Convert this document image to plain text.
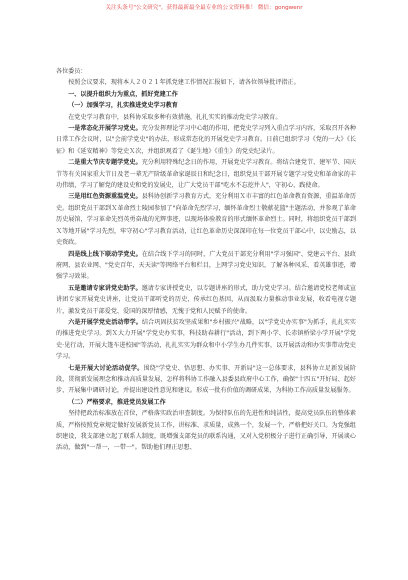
关注头条号"公文研究"，获得最新最全最专业的公文资料推！ 微信：gongwenr

各位委员：

按照会议要求，现将本人２０２１年抓党建工作情况汇报如下，请各位领导批评指正。

一、以提升组织力为重点，抓好党建工作

（一）加强学习，扎实推进党史学习教育

在党史学习教育中，县科协采取多种有效措施，扎扎实实的推动党史学习教育。

一是常态化开展学习党史。充分发挥理论学习中心组的作用，把党史学习列入重点学习内容，采取召开各种日常工作会议时，以"会前学党史"的办法，形成常态化的开展党史学习教育。日前已组织学习《党的一大》《长征》和《延安精神》等党史Ｘ次，并组织观看了《诞生地》《重生》的党史纪录片。

二是重大节庆专题学党史。充分利用特殊纪念日的作用，开展党史学习教育。将结合建党节、建军节、国庆节等有关国家重大节日及老一辈无产阶级革命家诞辰日和纪念日，组织党员干部开展专题学习党史和革命家的丰功伟绩，学习了解党的建设史和党的发展史，让广大党员干部"吃水不忘挖井人"，守初心，践使命。

三是用红色资源重温党史。县科协创新学习教育方式，充分利用Ｘ市丰富的红色革命教育资源，重温革命历史。组织党员干部到Ｘ革命烈士陵园参加了"向革命先烈学习，缅怀革命烈士敬献花篮"主题活动，并参观了革命历史展馆，学习革命先烈英勇奋战的光辉事迹，以现场体验教育的形式缅怀革命烈士。同时，将组织党员干部到Ｘ等地开展"学习先烈，牢守初心"学习教育活动，让红色革命历史深深印在每一位党员干部心中，以史励志，以史资政。

四是线上线下联动学党史。在结合线下学习的同时，广大党员干部充分利用"学习强国"、党建云平台、县政府网、县农业网、"党史百年，天天读"等网络平台和栏目，上网学习党史知识，了解各种风采、看英雄事迹，增强学习效果。

五是邀请专家讲党史助学。邀请专家讲授党史，以专题讲座的形式，助力党史学习。结合邀请党校老师或宣讲团专家开展党史讲座，让党员干部听党的历史，传承红色基因，从而汲取力量推动事业发展，收看电视专题片，激发党员干部爱党、爱国的深厚情感，无愧于党和人民赋予的使命。

六是开展学党史活动带学。结合巩固扶贫攻坚成果和"乡村振兴"战略，以"学党史办实事"为抓手，扎扎实实的推进党史学习。到Ｘ大力开展"学党史办实事，科技助春耕行"活动，到下两小学、长赤镇桥梁小学开展"学党史·见行动，开展大篷车进校园"等活动，扎扎实实为群众和中小学生办几件实事，以开展活动和办实事带动党史学习。

七是开展大讨论活动促学。围绕"学党史、悟思想、办实事、开新局"这一总体要求，县科协立足新发展阶段，贯彻新发展理念和推动高质量发展，怎样将科协工作融入县委县政府中心工作，确保"十四五"开好局、起好步，开展集中调研讨论，并提出建设性意见和建议。形成一批有价值的调研成果，为科协工作高质量发展服务。

（二）严格要求，推进党员发展工作

坚持把政治标准放在首位，严格落实政治审查制度。为保持队伍的先进性和纯洁性，提高党员队伍的整体素质，严格按照党章规定做好发展新党员工作，讲标准、求质量，成熟一个，发展一个，严格把好关口。为党强组织建设，我支部建立起了联系人制度，既增强支部党员的联系沟通，又对入党积极分子进行正确引导，开展谈心活动，做到"一帮一，一带一"。帮助他们理正思想、
